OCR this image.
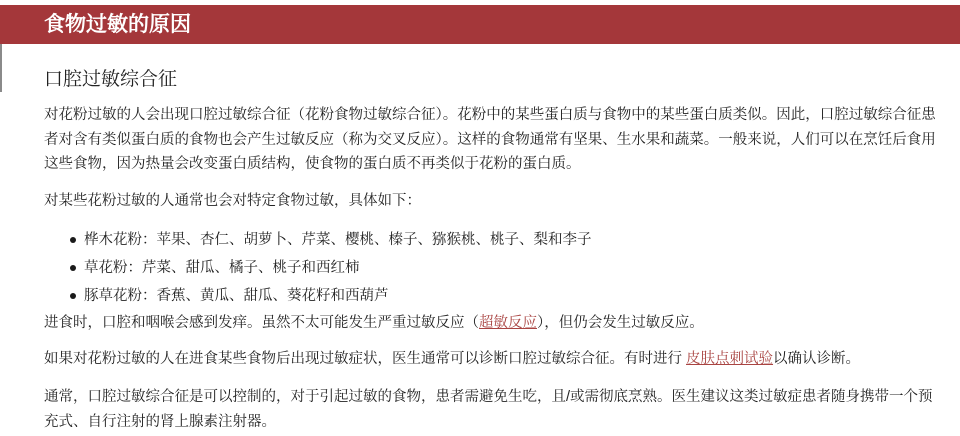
食物过敏的原因
口腔过敏综合征

对花粉过敏的人会出现口腔过敏综合征（花粉食物过敏综合征）。花粉中的某些蛋白质与食物中的某些蛋白质类似。因此，口腔过敏综合征患者对含有类似蛋白质的食物也会产生过敏反应（称为交叉反应）。这样的食物通常有坚果、生水果和蔬菜。一般来说，人们可以在烹饪后食用这些食物，因为热量会改变蛋白质结构，使食物的蛋白质不再类似于花粉的蛋白质。

对某些花粉过敏的人通常也会对特定食物过敏，具体如下：

桦木花粉：苹果、杏仁、胡萝卜、芹菜、樱桃、榛子、猕猴桃、桃子、梨和李子
草花粉：芹菜、甜瓜、橘子、桃子和西红柿
豚草花粉：香蕉、黄瓜、甜瓜、葵花籽和西葫芦

进食时，口腔和咽喉会感到发痒。虽然不太可能发生严重过敏反应（超敏反应），但仍会发生过敏反应。

如果对花粉过敏的人在进食某些食物后出现过敏症状，医生通常可以诊断口腔过敏综合征。有时进行 皮肤点刺试验以确认诊断。

通常，口腔过敏综合征是可以控制的，对于引起过敏的食物，患者需避免生吃，且/或需彻底烹熟。医生建议这类过敏症患者随身携带一个预充式、自行注射的肾上腺素注射器。
